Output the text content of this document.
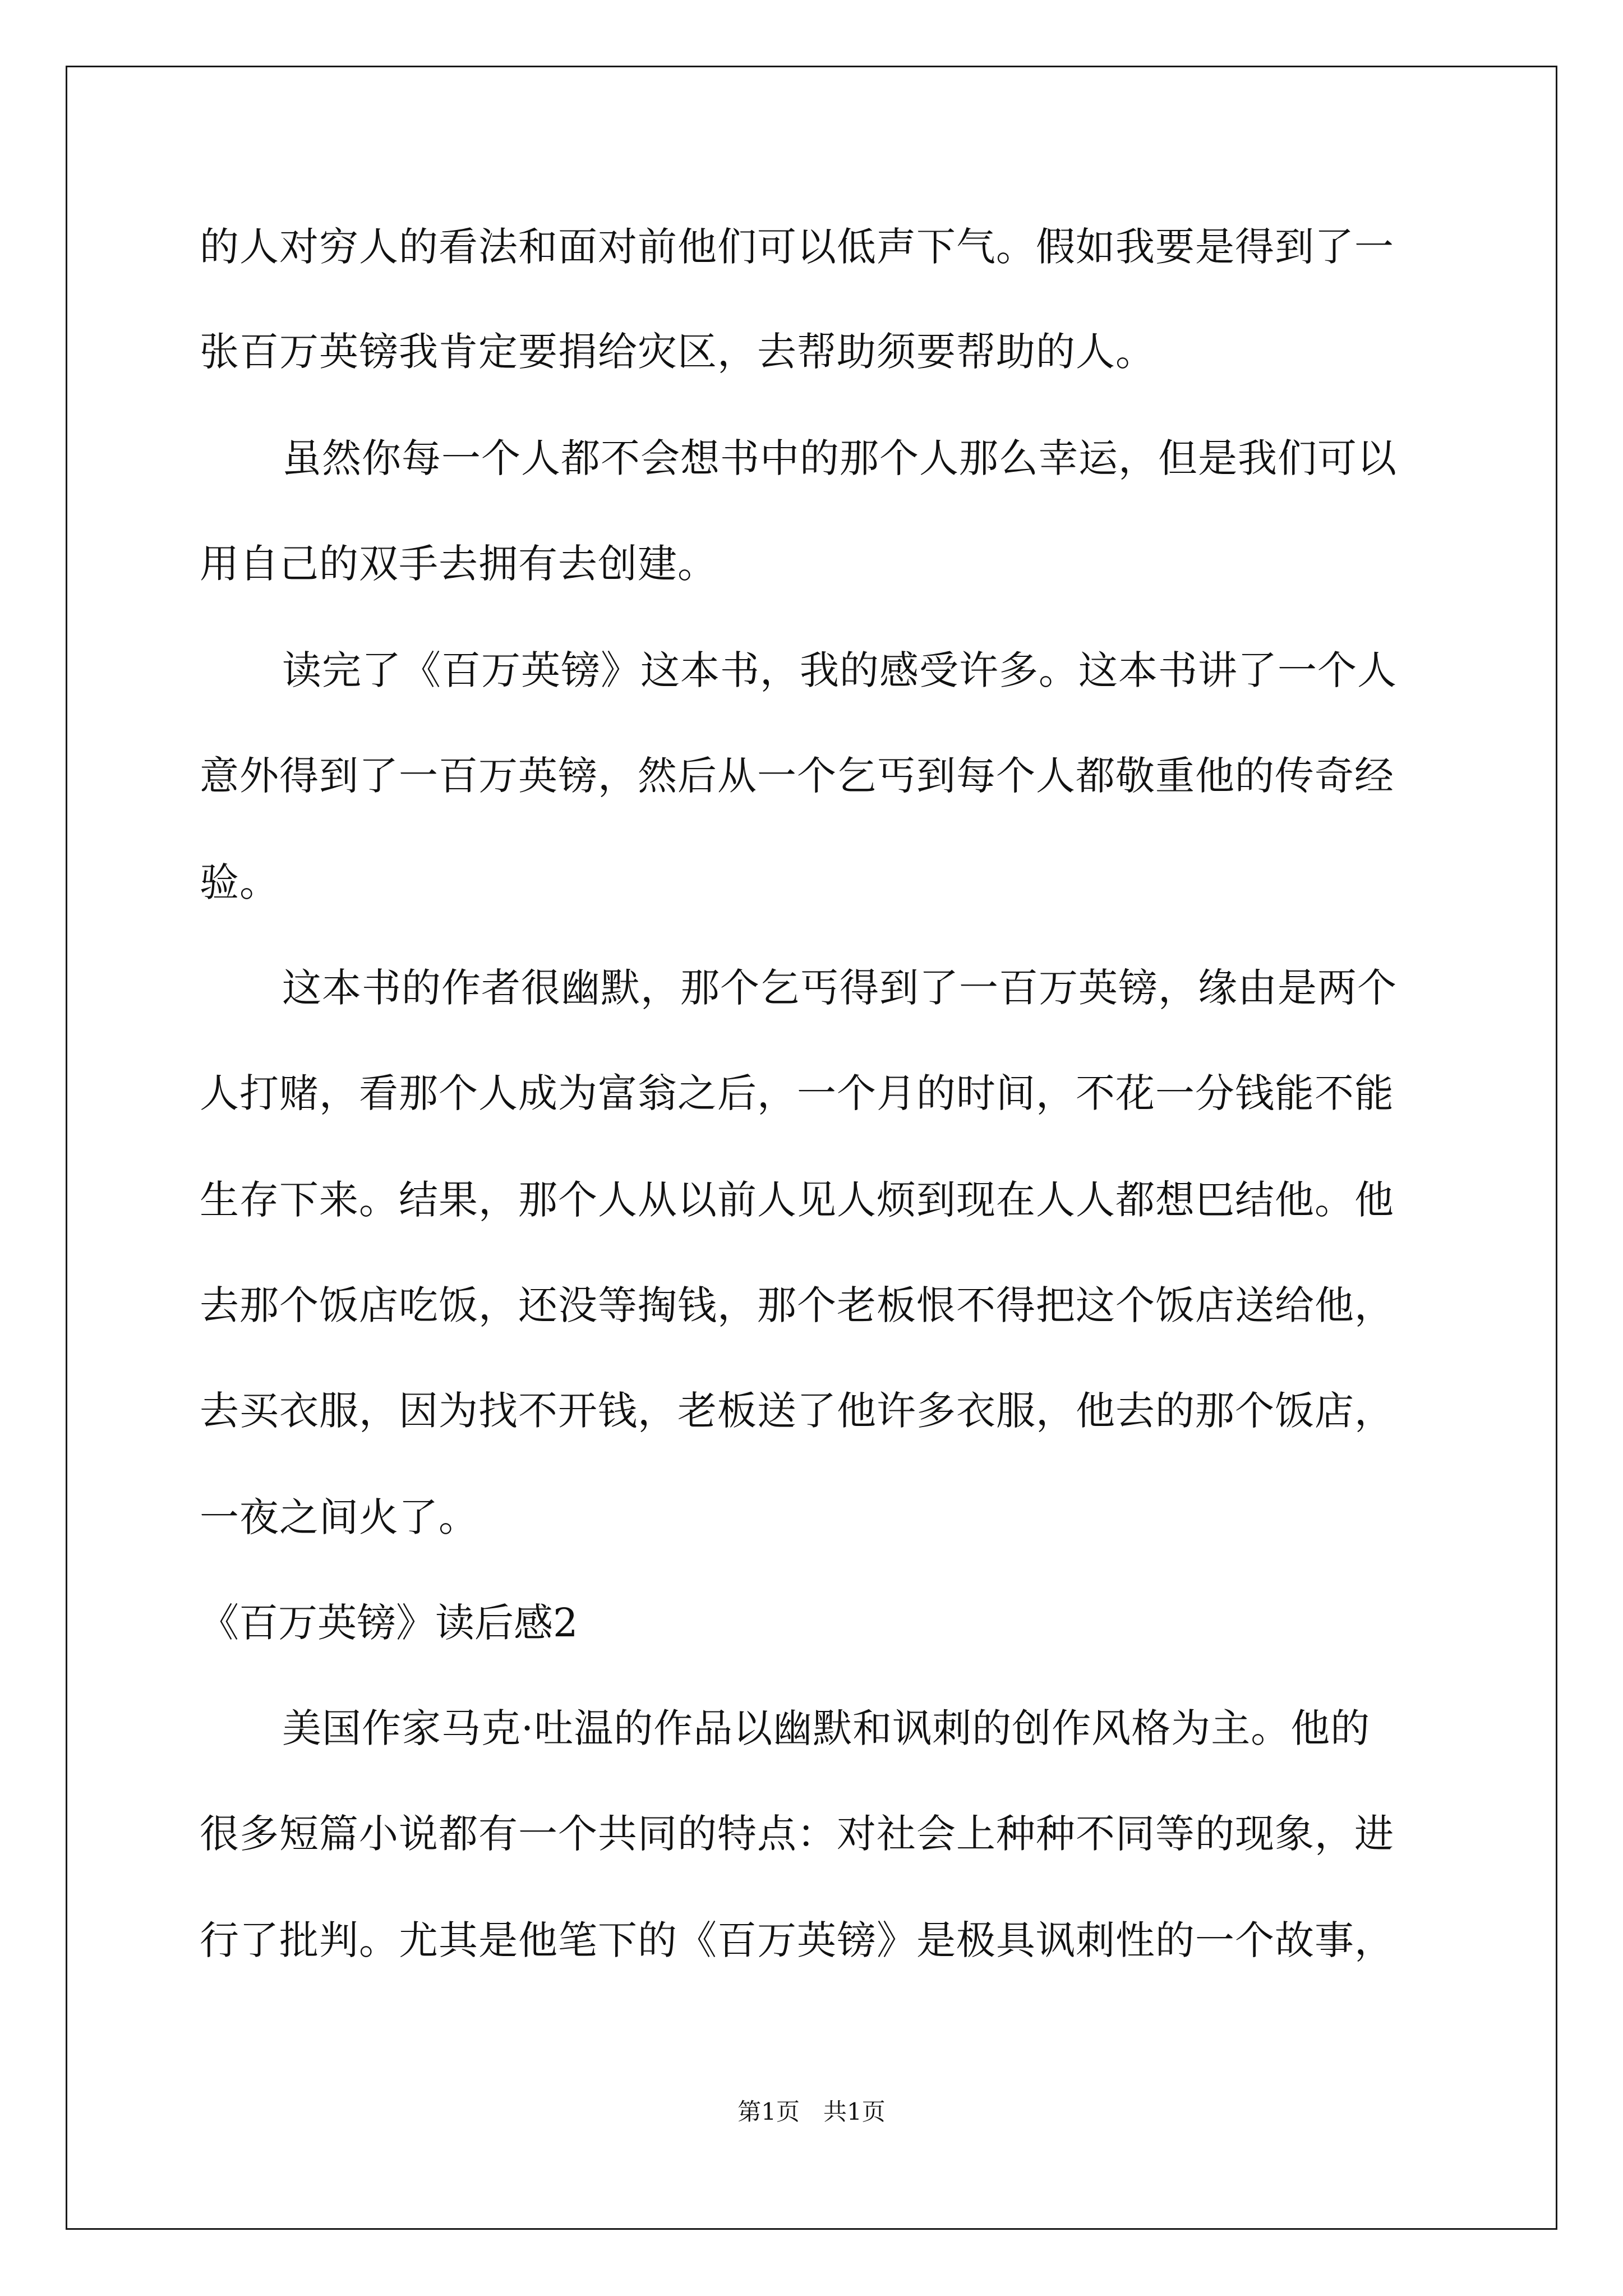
的人对穷人的看法和面对前他们可以低声下气。假如我要是得到了一
张百万英镑我肯定要捐给灾区，去帮助须要帮助的人。
虽然你每一个人都不会想书中的那个人那么幸运，但是我们可以
用自己的双手去拥有去创建。
读完了《百万英镑》这本书，我的感受许多。这本书讲了一个人
意外得到了一百万英镑，然后从一个乞丐到每个人都敬重他的传奇经
验。
这本书的作者很幽默，那个乞丐得到了一百万英镑，缘由是两个
人打赌，看那个人成为富翁之后，一个月的时间，不花一分钱能不能
生存下来。结果，那个人从以前人见人烦到现在人人都想巴结他。他
去那个饭店吃饭，还没等掏钱，那个老板恨不得把这个饭店送给他，
去买衣服，因为找不开钱，老板送了他许多衣服，他去的那个饭店，
一夜之间火了。
《百万英镑》读后感2
美国作家马克·吐温的作品以幽默和讽刺的创作风格为主。他的
很多短篇小说都有一个共同的特点：对社会上种种不同等的现象，进
行了批判。尤其是他笔下的《百万英镑》是极具讽刺性的一个故事，
第1页　共1页
